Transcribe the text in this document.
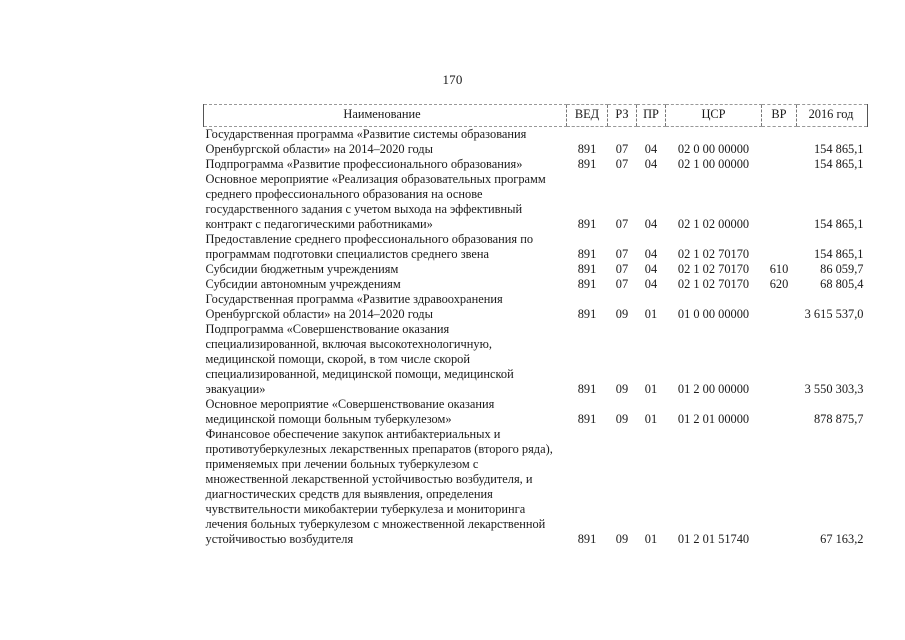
170
Наименование	ВЕД	РЗ	ПР	ЦСР	ВР	2016 год
Государственная программа «Развитие системы образования Оренбургской области» на 2014–2020 годы	891	07	04	02 0 00 00000		154 865,1
Подпрограмма «Развитие профессионального образования»	891	07	04	02 1 00 00000		154 865,1
Основное мероприятие «Реализация образовательных программ среднего профессионального образования на основе государственного задания с учетом выхода на эффективный контракт с педагогическими работниками»	891	07	04	02 1 02 00000		154 865,1
Предоставление среднего профессионального образования по программам подготовки специалистов среднего звена	891	07	04	02 1 02 70170		154 865,1
Субсидии бюджетным учреждениям	891	07	04	02 1 02 70170	610	86 059,7
Субсидии автономным учреждениям	891	07	04	02 1 02 70170	620	68 805,4
Государственная программа «Развитие здравоохранения Оренбургской области» на 2014–2020 годы	891	09	01	01 0 00 00000		3 615 537,0
Подпрограмма «Совершенствование оказания специализированной, включая высокотехнологичную, медицинской помощи, скорой, в том числе скорой специализированной, медицинской помощи, медицинской эвакуации»	891	09	01	01 2 00 00000		3 550 303,3
Основное мероприятие «Совершенствование оказания медицинской помощи больным туберкулезом»	891	09	01	01 2 01 00000		878 875,7
Финансовое обеспечение закупок антибактериальных и противотуберкулезных лекарственных препаратов (второго ряда), применяемых при лечении больных туберкулезом с множественной лекарственной устойчивостью возбудителя, и диагностических средств для выявления, определения чувствительности микобактерии туберкулеза и мониторинга лечения больных туберкулезом с множественной лекарственной устойчивостью возбудителя	891	09	01	01 2 01 51740		67 163,2
